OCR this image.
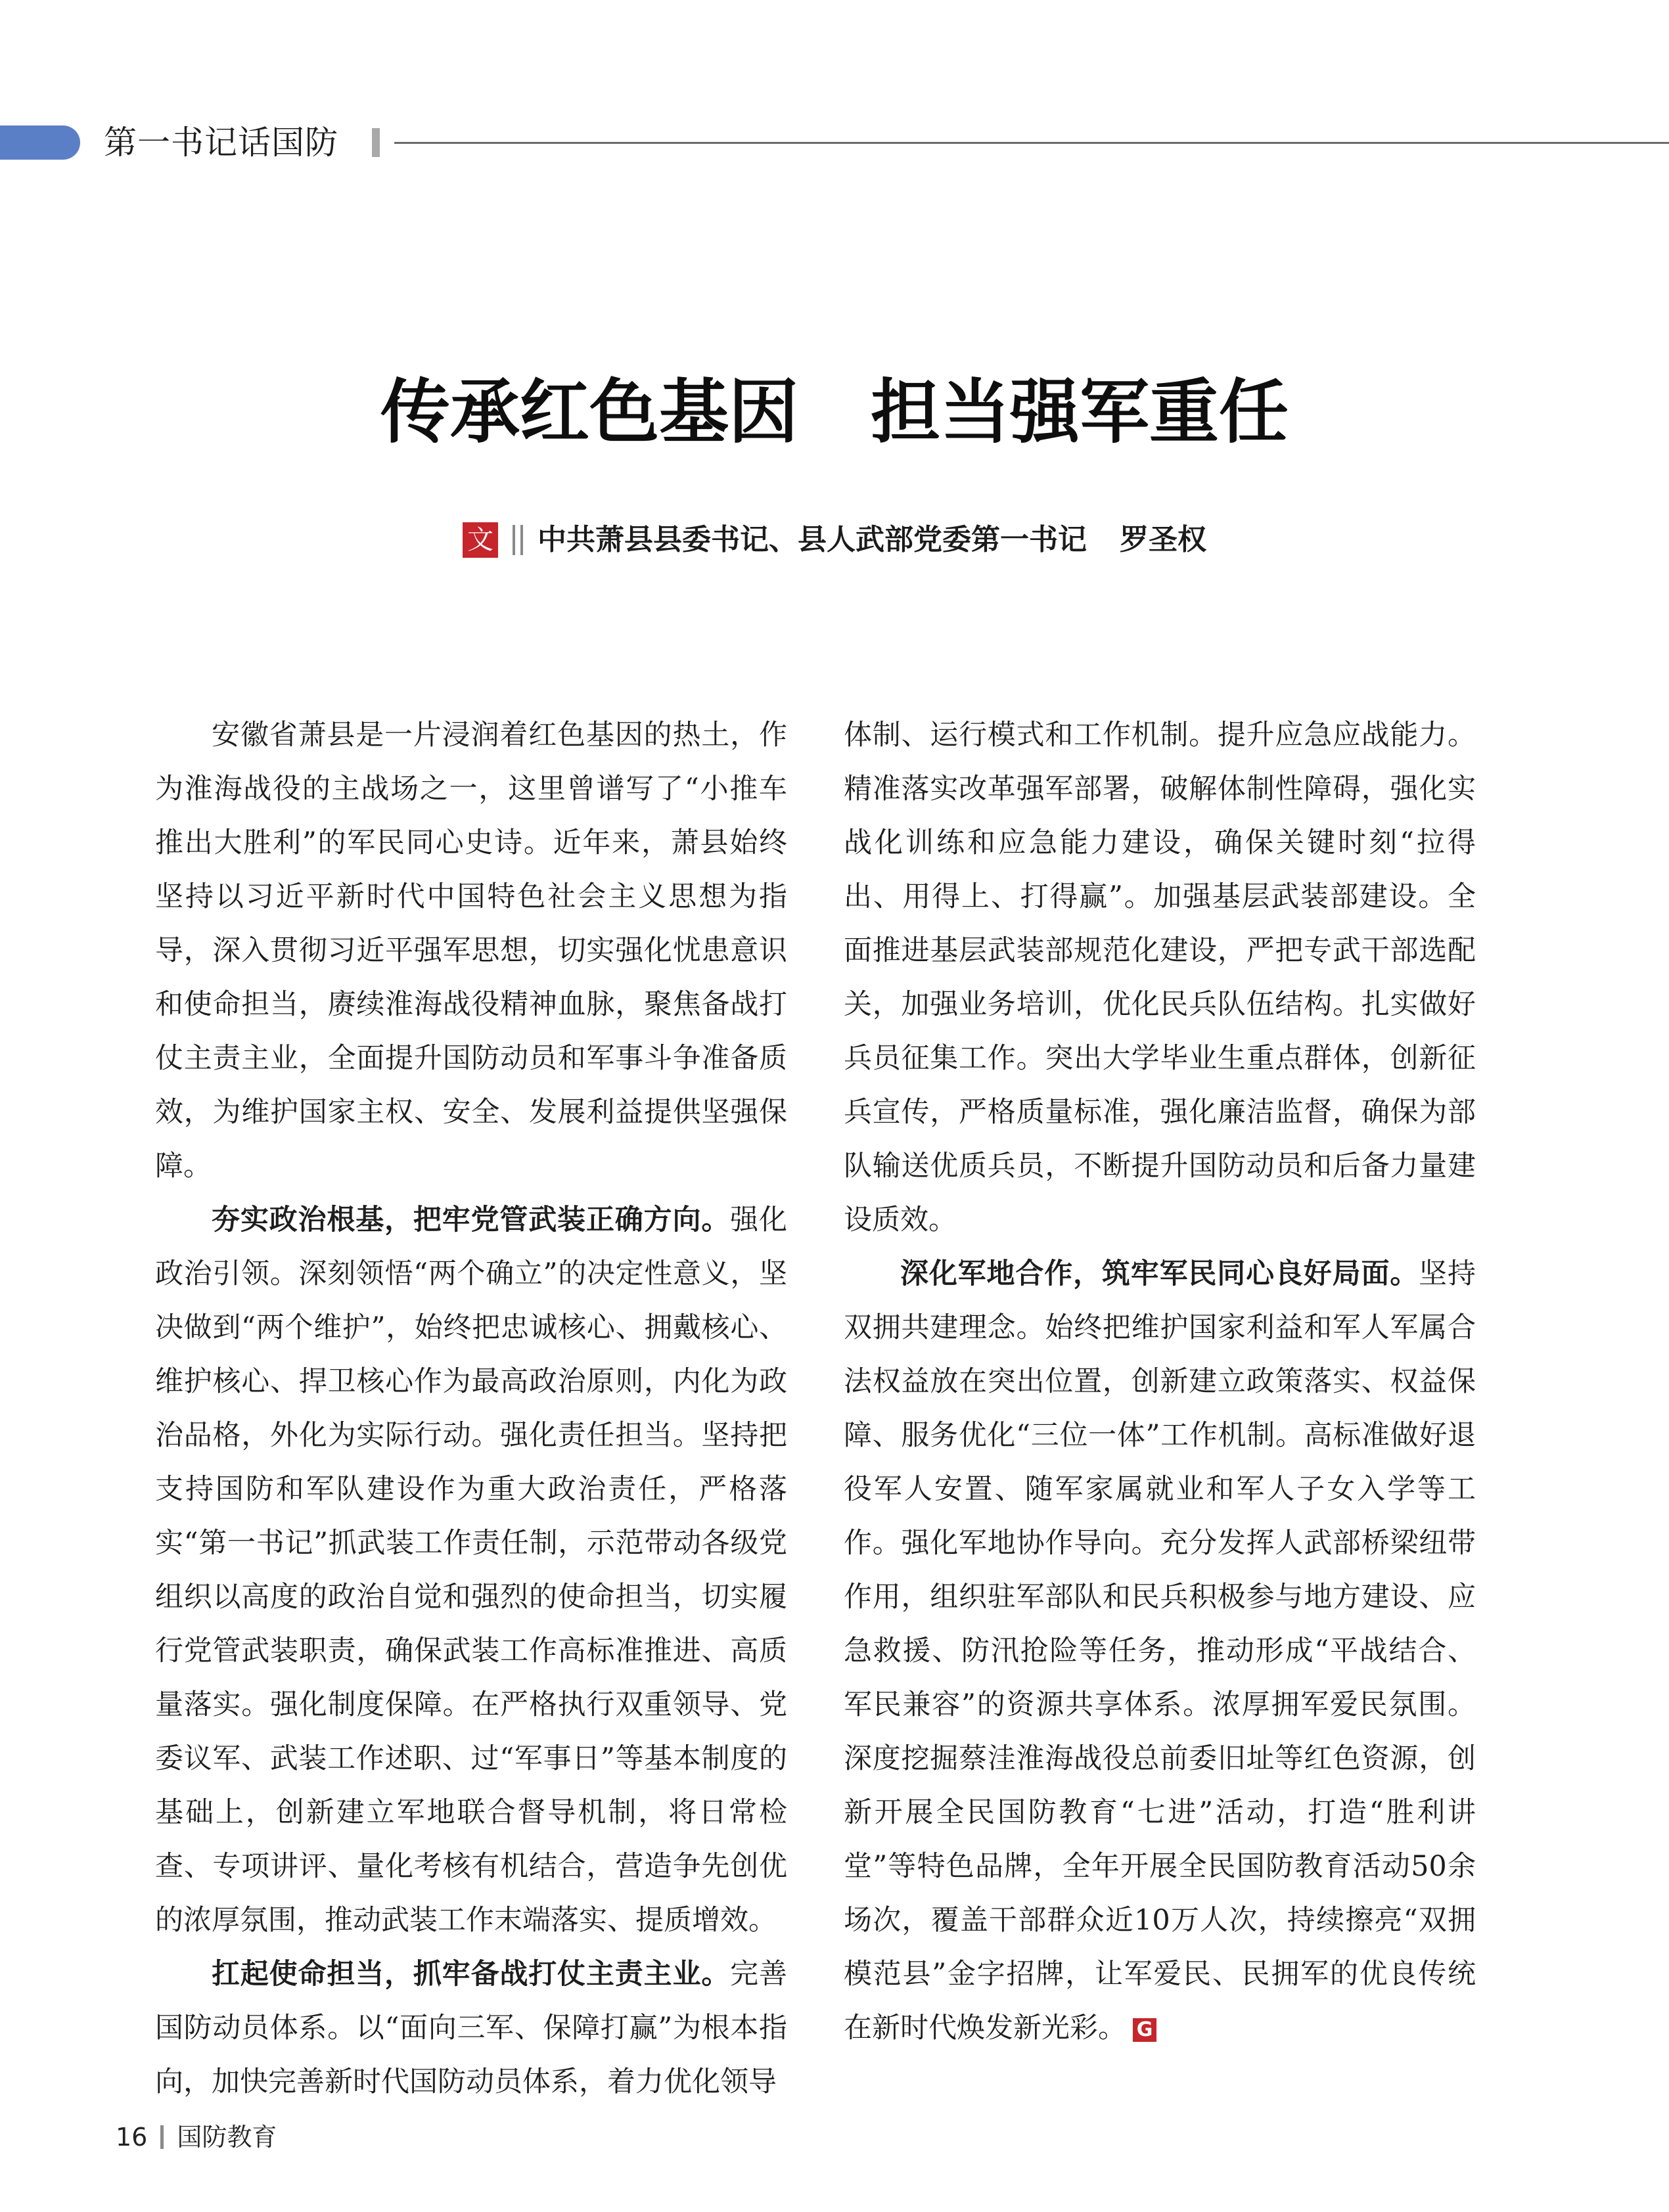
第一书记话国防
传承红色基因 担当强军重任
文 中共萧县县委书记、县人武部党委第一书记 罗圣权

安徽省萧县是一片浸润着红色基因的热土，作为淮海战役的主战场之一，这里曾谱写了“小推车推出大胜利”的军民同心史诗。近年来，萧县始终坚持以习近平新时代中国特色社会主义思想为指导，深入贯彻习近平强军思想，切实强化忧患意识和使命担当，赓续淮海战役精神血脉，聚焦备战打仗主责主业，全面提升国防动员和军事斗争准备质效，为维护国家主权、安全、发展利益提供坚强保障。

夯实政治根基，把牢党管武装正确方向。强化政治引领。深刻领悟“两个确立”的决定性意义，坚决做到“两个维护”，始终把忠诚核心、拥戴核心、维护核心、捍卫核心作为最高政治原则，内化为政治品格，外化为实际行动。强化责任担当。坚持把支持国防和军队建设作为重大政治责任，严格落实“第一书记”抓武装工作责任制，示范带动各级党组织以高度的政治自觉和强烈的使命担当，切实履行党管武装职责，确保武装工作高标准推进、高质量落实。强化制度保障。在严格执行双重领导、党委议军、武装工作述职、过“军事日”等基本制度的基础上，创新建立军地联合督导机制，将日常检查、专项讲评、量化考核有机结合，营造争先创优的浓厚氛围，推动武装工作末端落实、提质增效。

扛起使命担当，抓牢备战打仗主责主业。完善国防动员体系。以“面向三军、保障打赢”为根本指向，加快完善新时代国防动员体系，着力优化领导

体制、运行模式和工作机制。提升应急应战能力。精准落实改革强军部署，破解体制性障碍，强化实战化训练和应急能力建设，确保关键时刻“拉得出、用得上、打得赢”。加强基层武装部建设。全面推进基层武装部规范化建设，严把专武干部选配关，加强业务培训，优化民兵队伍结构。扎实做好兵员征集工作。突出大学毕业生重点群体，创新征兵宣传，严格质量标准，强化廉洁监督，确保为部队输送优质兵员，不断提升国防动员和后备力量建设质效。

深化军地合作，筑牢军民同心良好局面。坚持双拥共建理念。始终把维护国家利益和军人军属合法权益放在突出位置，创新建立政策落实、权益保障、服务优化“三位一体”工作机制。高标准做好退役军人安置、随军家属就业和军人子女入学等工作。强化军地协作导向。充分发挥人武部桥梁纽带作用，组织驻军部队和民兵积极参与地方建设、应急救援、防汛抢险等任务，推动形成“平战结合、军民兼容”的资源共享体系。浓厚拥军爱民氛围。深度挖掘蔡洼淮海战役总前委旧址等红色资源，创新开展全民国防教育“七进”活动，打造“胜利讲堂”等特色品牌，全年开展全民国防教育活动50余场次，覆盖干部群众近10万人次，持续擦亮“双拥模范县”金字招牌，让军爱民、民拥军的优良传统在新时代焕发新光彩。 G

16 国防教育
